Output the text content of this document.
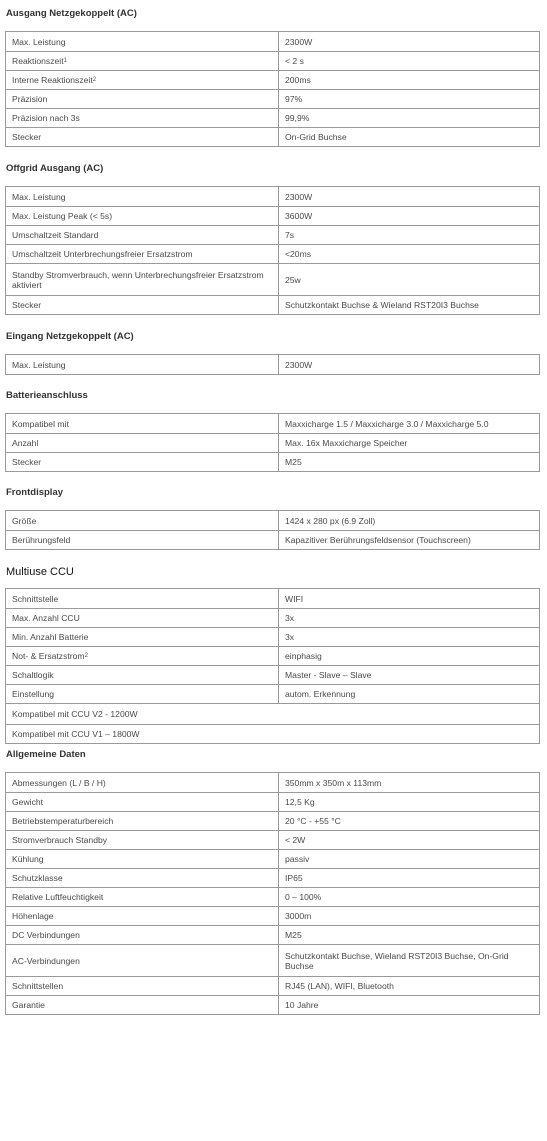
Ausgang Netzgekoppelt (AC)
Max. Leistung	2300W
Reaktionszeit 1	< 2 s
Interne Reaktionszeit 2	200ms
Präzision	97%
Präzision nach 3s	99,9%
Stecker	On-Grid Buchse
Offgrid Ausgang (AC)
Max. Leistung	2300W
Max. Leistung Peak (< 5s)	3600W
Umschaltzeit Standard	7s
Umschaltzeit Unterbrechungsfreier Ersatzstrom	<20ms
Standby Stromverbrauch, wenn Unterbrechungsfreier Ersatzstrom aktiviert	25w
Stecker	Schutzkontakt Buchse & Wieland RST20I3 Buchse
Eingang Netzgekoppelt (AC)
Max. Leistung	2300W
Batterieanschluss
Kompatibel mit	Maxxicharge 1.5 / Maxxicharge 3.0 / Maxxicharge 5.0
Anzahl	Max. 16x Maxxicharge Speicher
Stecker	M25
Frontdisplay
Größe	1424 x 280 px (6.9 Zoll)
Berührungsfeld	Kapazitiver Berührungsfeldsensor (Touchscreen)
Multiuse CCU
Schnittstelle	WIFI
Max. Anzahl CCU	3x
Min. Anzahl Batterie	3x
Not- & Ersatzstrom 2	einphasig
Schaltlogik	Master - Slave – Slave
Einstellung	autom. Erkennung
Kompatibel mit CCU V2 - 1200W
Kompatibel mit CCU V1 – 1800W
Allgemeine Daten
Abmessungen (L / B / H)	350mm x 350m x 113mm
Gewicht	12,5 Kg
Betriebstemperaturbereich	20 °C - +55 °C
Stromverbrauch Standby	< 2W
Kühlung	passiv
Schutzklasse	IP65
Relative Luftfeuchtigkeit	0 – 100%
Höhenlage	3000m
DC Verbindungen	M25
AC-Verbindungen	Schutzkontakt Buchse, Wieland RST20I3 Buchse, On-Grid Buchse
Schnittstellen	RJ45 (LAN), WIFI, Bluetooth
Garantie	10 Jahre
